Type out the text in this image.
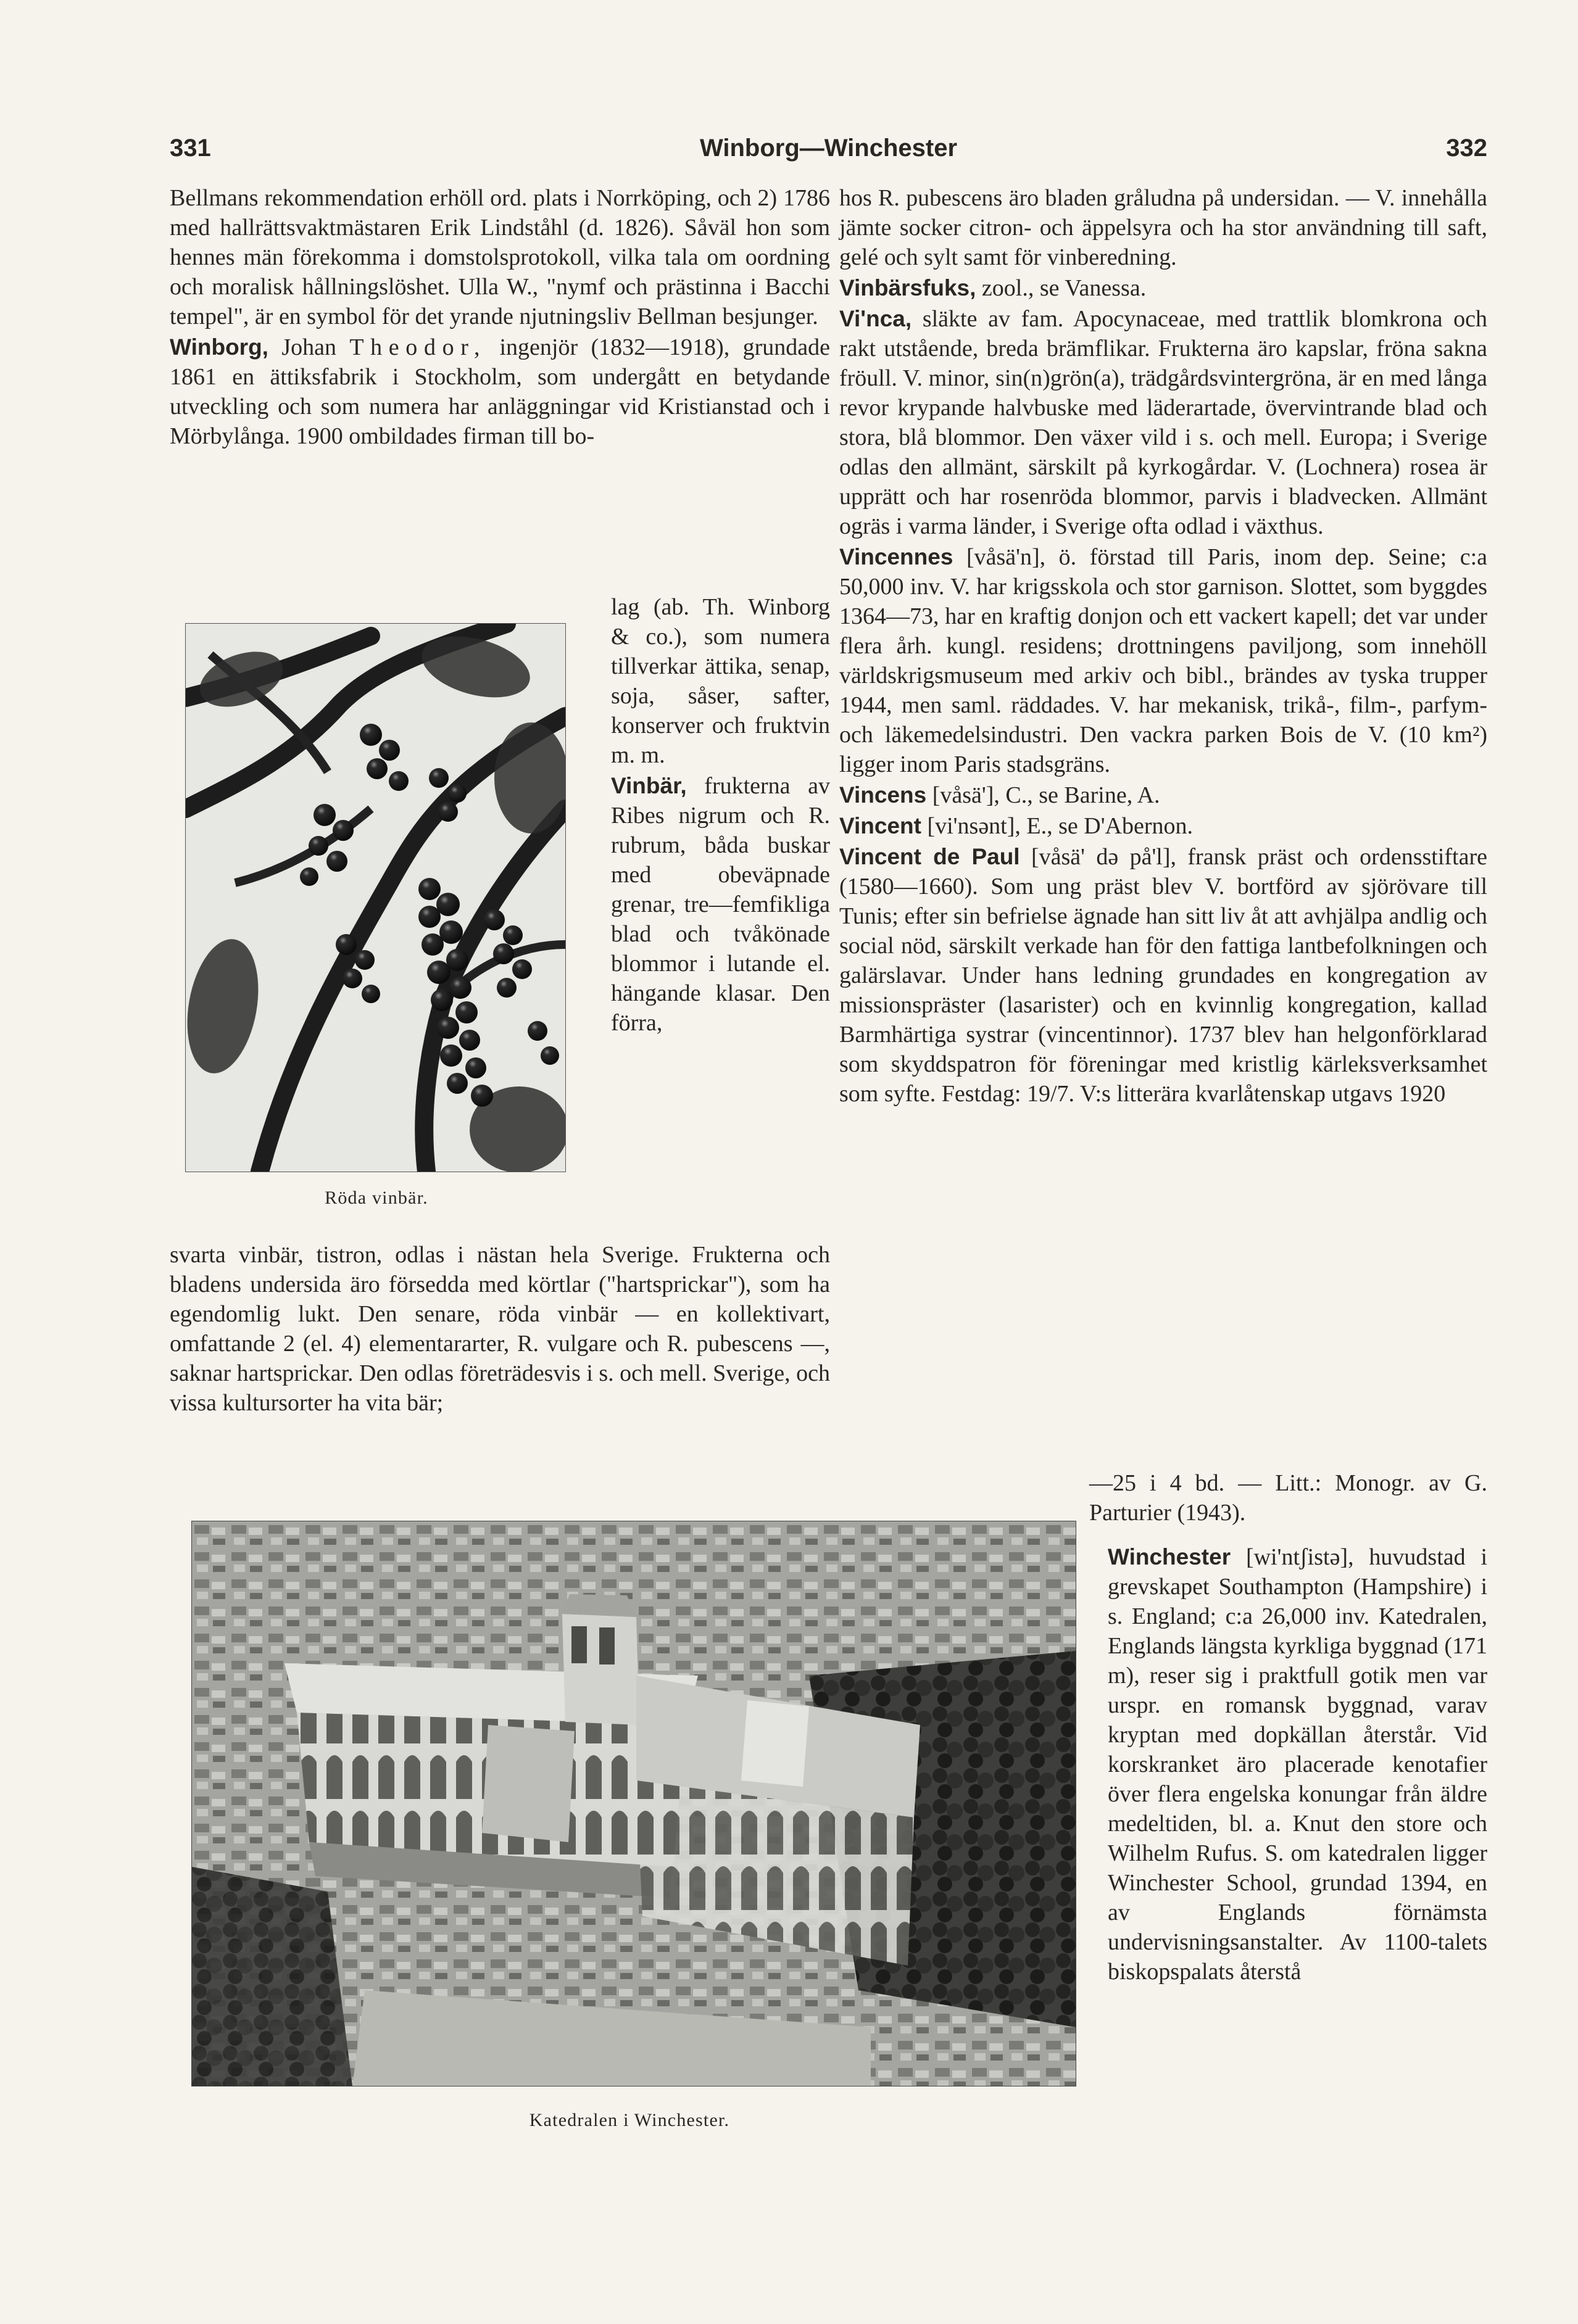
331	Winborg—Winchester	332

Bellmans rekommendation erhöll ord. plats i Norrköping, och 2) 1786 med hallrättsvaktmästaren Erik Lindståhl (d. 1826). Såväl hon som hennes män förekomma i domstolsprotokoll, vilka tala om oordning och moralisk hållningslöshet. Ulla W., "nymf och prästinna i Bacchi tempel", är en symbol för det yrande njutningsliv Bellman besjunger.

Winborg, Johan Theodor, ingenjör (1832—1918), grundade 1861 en ättiksfabrik i Stockholm, som undergått en betydande utveckling och som numera har anläggningar vid Kristianstad och i Mörbylånga. 1900 ombildades firman till bo-

Röda vinbär.

lag (ab. Th. Winborg & co.), som numera tillverkar ättika, senap, soja, såser, safter, konserver och fruktvin m. m.

Vinbär, frukterna av Ribes nigrum och R. rubrum, båda buskar med obeväpnade grenar, tre—femfikliga blad och tvåkönade blommor i lutande el. hängande klasar. Den förra,

svarta vinbär, tistron, odlas i nästan hela Sverige. Frukterna och bladens undersida äro försedda med körtlar ("hartsprickar"), som ha egendomlig lukt. Den senare, röda vinbär — en kollektivart, omfattande 2 (el. 4) elementararter, R. vulgare och R. pubescens —, saknar hartsprickar. Den odlas företrädesvis i s. och mell. Sverige, och vissa kultursorter ha vita bär;

hos R. pubescens äro bladen gråludna på undersidan. — V. innehålla jämte socker citron- och äppelsyra och ha stor användning till saft, gelé och sylt samt för vinberedning.

Vinbärsfuks, zool., se Vanessa.

Vi'nca, släkte av fam. Apocynaceae, med trattlik blomkrona och rakt utstående, breda brämflikar. Frukterna äro kapslar, fröna sakna fröull. V. minor, sin(n)grön(a), trädgårdsvintergröna, är en med långa revor krypande halvbuske med läderartade, övervintrande blad och stora, blå blommor. Den växer vild i s. och mell. Europa; i Sverige odlas den allmänt, särskilt på kyrkogårdar. V. (Lochnera) rosea är upprätt och har rosenröda blommor, parvis i bladvecken. Allmänt ogräs i varma länder, i Sverige ofta odlad i växthus.

Vincennes [våsä'n], ö. förstad till Paris, inom dep. Seine; c:a 50,000 inv. V. har krigsskola och stor garnison. Slottet, som byggdes 1364—73, har en kraftig donjon och ett vackert kapell; det var under flera årh. kungl. residens; drottningens paviljong, som innehöll världskrigsmuseum med arkiv och bibl., brändes av tyska trupper 1944, men saml. räddades. V. har mekanisk, trikå-, film-, parfym- och läkemedelsindustri. Den vackra parken Bois de V. (10 km²) ligger inom Paris stadsgräns.

Vincens [våsä'], C., se Barine, A.

Vincent [vi'nsənt], E., se D'Abernon.

Vincent de Paul [våsä' də på'l], fransk präst och ordensstiftare (1580—1660). Som ung präst blev V. bortförd av sjörövare till Tunis; efter sin befrielse ägnade han sitt liv åt att avhjälpa andlig och social nöd, särskilt verkade han för den fattiga lantbefolkningen och galärslavar. Under hans ledning grundades en kongregation av missionspräster (lasarister) och en kvinnlig kongregation, kallad Barmhärtiga systrar (vincentinnor). 1737 blev han helgonförklarad som skyddspatron för föreningar med kristlig kärleksverksamhet som syfte. Festdag: 19/7. V:s litterära kvarlåtenskap utgavs 1920

Katedralen i Winchester.

—25 i 4 bd. — Litt.: Monogr. av G. Parturier (1943).

Winchester [wi'ntʃistə], huvudstad i grevskapet Southampton (Hampshire) i s. England; c:a 26,000 inv. Katedralen, Englands längsta kyrkliga byggnad (171 m), reser sig i praktfull gotik men var urspr. en romansk byggnad, varav kryptan med dopkällan återstår. Vid korskranket äro placerade kenotafier över flera engelska konungar från äldre medeltiden, bl. a. Knut den store och Wilhelm Rufus. S. om katedralen ligger Winchester School, grundad 1394, en av Englands förnämsta undervisningsanstalter. Av 1100-talets biskopspalats återstå
